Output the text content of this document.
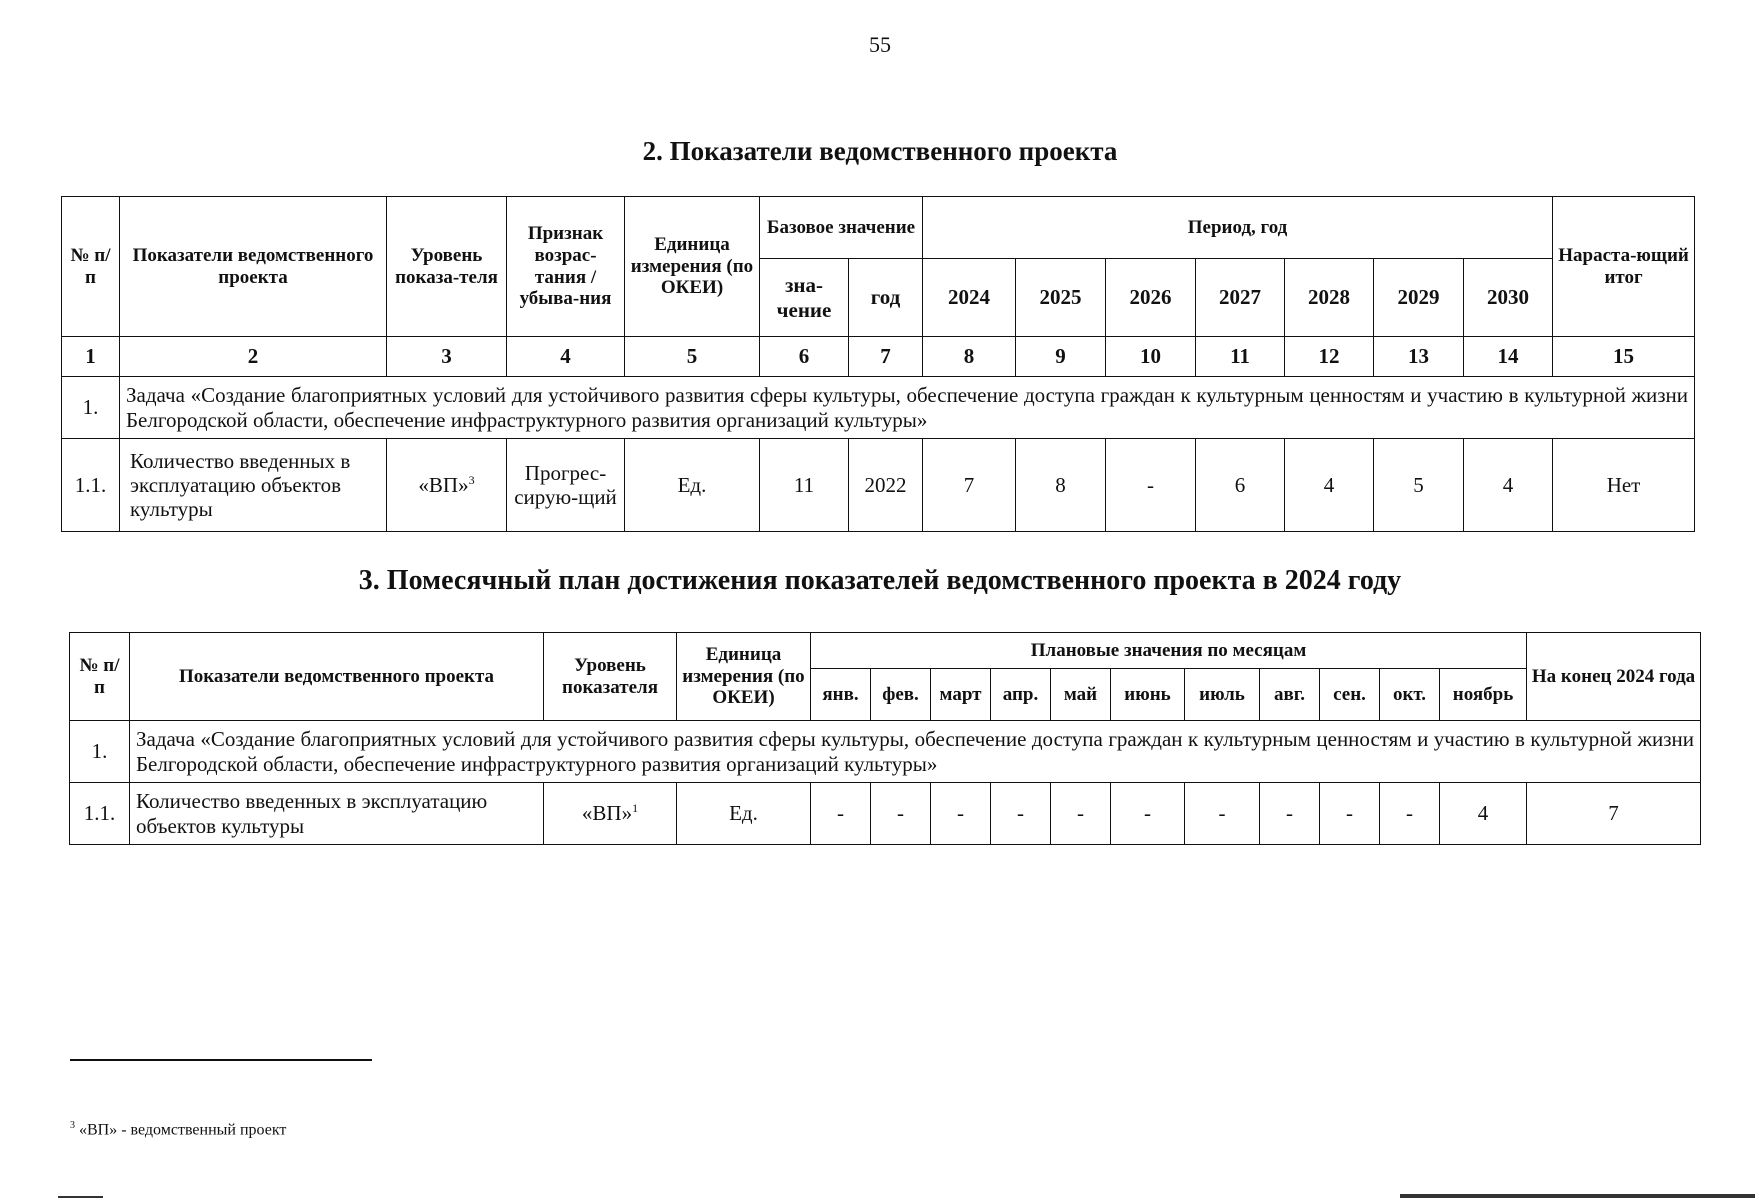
55
2. Показатели ведомственного проекта
№ п/п	Показатели ведомственного проекта	Уровень показа-теля	Признак возрас-тания / убыва-ния	Единица измерения (по ОКЕИ)	Базовое значение		Период, год							Нараста-ющий итог
					зна-чение	год	2024	2025	2026	2027	2028	2029	2030	
1	2	3	4	5	6	7	8	9	10	11	12	13	14	15
1.	Задача «Создание благоприятных условий для устойчивого развития сферы культуры, обеспечение доступа граждан к культурным ценностям и участию в культурной жизни Белгородской области, обеспечение инфраструктурного развития организаций культуры»													
1.1.	Количество введенных в эксплуатацию объектов культуры	«ВП»$^3$	Прогрес-сирую-щий	Ед.	11	2022	7	8	-	6	4	5	4	Нет
3. Помесячный план достижения показателей ведомственного проекта в 2024 году
№ п/п	Показатели ведомственного проекта	Уровень показателя	Единица измерения (по ОКЕИ)	Плановые значения по месяцам											На конец 2024 года
				янв.	фев.	март	апр.	май	июнь	июль	авг.	сен.	окт.	ноябрь	
1.	Задача «Создание благоприятных условий для устойчивого развития сферы культуры, обеспечение доступа граждан к культурным ценностям и участию в культурной жизни Белгородской области, обеспечение инфраструктурного развития организаций культуры»														
1.1.	Количество введенных в эксплуатацию объектов культуры	«ВП»$^1$	Ед.	-	-	-	-	-	-	-	-	-	-	4	7
$^3$ «ВП» - ведомственный проект
